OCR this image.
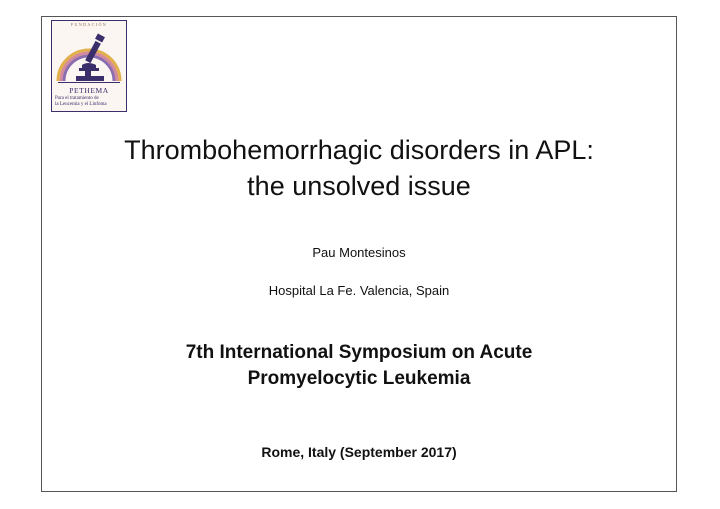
FUNDACIÓN
PETHEMA
Para el tratamiento de
la Leucemia y el Linfoma
Thrombohemorrhagic disorders in APL:
the unsolved issue
Pau Montesinos
Hospital La Fe. Valencia, Spain
7th International Symposium on Acute
Promyelocytic Leukemia
Rome, Italy (September 2017)
